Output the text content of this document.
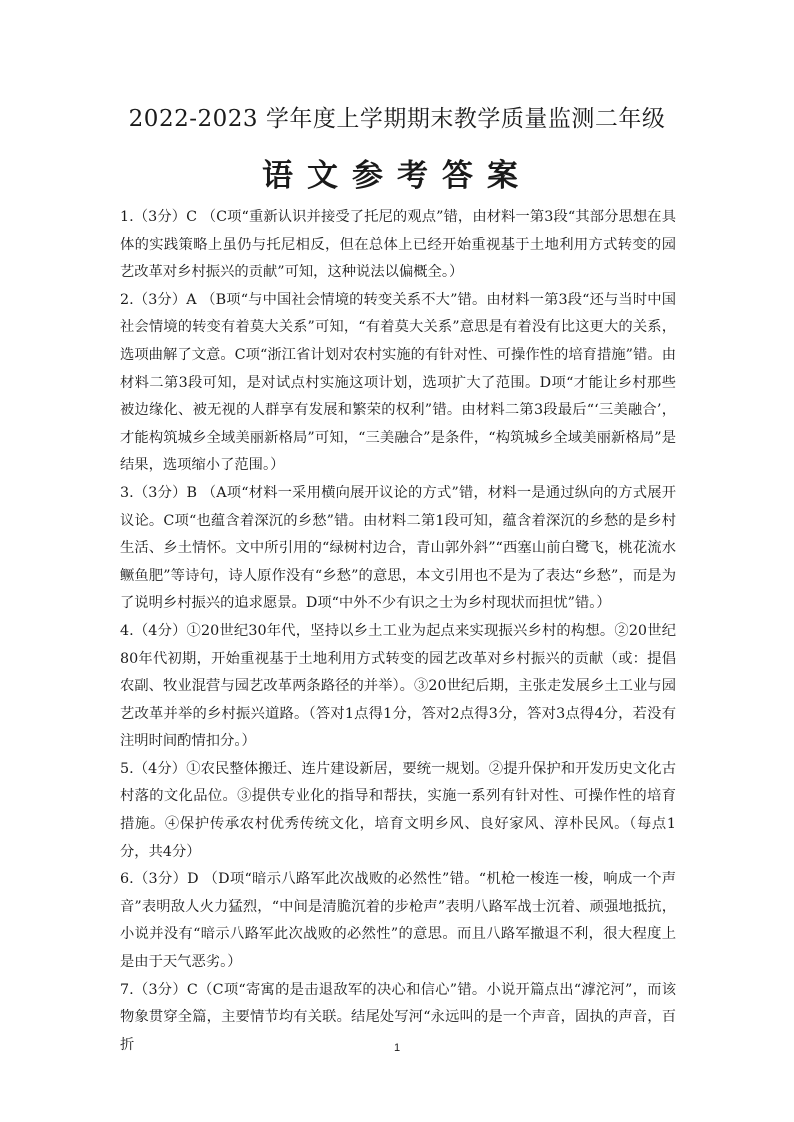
2022-2023 学年度上学期期末教学质量监测二年级
语文参考答案

1.（3分）C （C项“重新认识并接受了托尼的观点”错，由材料一第3段“其部分思想在具体的实践策略上虽仍与托尼相反，但在总体上已经开始重视基于土地利用方式转变的园艺改革对乡村振兴的贡献”可知，这种说法以偏概全。）

2.（3分）A （B项“与中国社会情境的转变关系不大”错。由材料一第3段“还与当时中国社会情境的转变有着莫大关系”可知，“有着莫大关系”意思是有着没有比这更大的关系，选项曲解了文意。C项“浙江省计划对农村实施的有针对性、可操作性的培育措施”错。由材料二第3段可知，是对试点村实施这项计划，选项扩大了范围。D项“才能让乡村那些被边缘化、被无视的人群享有发展和繁荣的权利”错。由材料二第3段最后“‘三美融合’，才能构筑城乡全域美丽新格局”可知，“三美融合”是条件，“构筑城乡全域美丽新格局”是结果，选项缩小了范围。）

3.（3分）B （A项“材料一采用横向展开议论的方式”错，材料一是通过纵向的方式展开议论。C项“也蕴含着深沉的乡愁”错。由材料二第1段可知，蕴含着深沉的乡愁的是乡村生活、乡土情怀。文中所引用的“绿树村边合，青山郭外斜”“西塞山前白鹭飞，桃花流水鳜鱼肥”等诗句，诗人原作没有“乡愁”的意思，本文引用也不是为了表达“乡愁”，而是为了说明乡村振兴的追求愿景。D项“中外不少有识之士为乡村现状而担忧”错。）

4.（4分）①20世纪30年代，坚持以乡土工业为起点来实现振兴乡村的构想。②20世纪80年代初期，开始重视基于土地利用方式转变的园艺改革对乡村振兴的贡献（或：提倡农副、牧业混营与园艺改革两条路径的并举）。③20世纪后期，主张走发展乡土工业与园艺改革并举的乡村振兴道路。（答对1点得1分，答对2点得3分，答对3点得4分，若没有注明时间酌情扣分。）

5.（4分）①农民整体搬迁、连片建设新居，要统一规划。②提升保护和开发历史文化古村落的文化品位。③提供专业化的指导和帮扶，实施一系列有针对性、可操作性的培育措施。④保护传承农村优秀传统文化，培育文明乡风、良好家风、淳朴民风。（每点1分，共4分）

6.（3分）D （D项“暗示八路军此次战败的必然性”错。“机枪一梭连一梭，响成一个声音”表明敌人火力猛烈，“中间是清脆沉着的步枪声”表明八路军战士沉着、顽强地抵抗，小说并没有“暗示八路军此次战败的必然性”的意思。而且八路军撤退不利，很大程度上是由于天气恶劣。）

7.（3分）C（C项“寄寓的是击退敌军的决心和信心”错。小说开篇点出“滹沱河”，而该物象贯穿全篇，主要情节均有关联。结尾处写河“永远叫的是一个声音，固执的声音，百折	1
